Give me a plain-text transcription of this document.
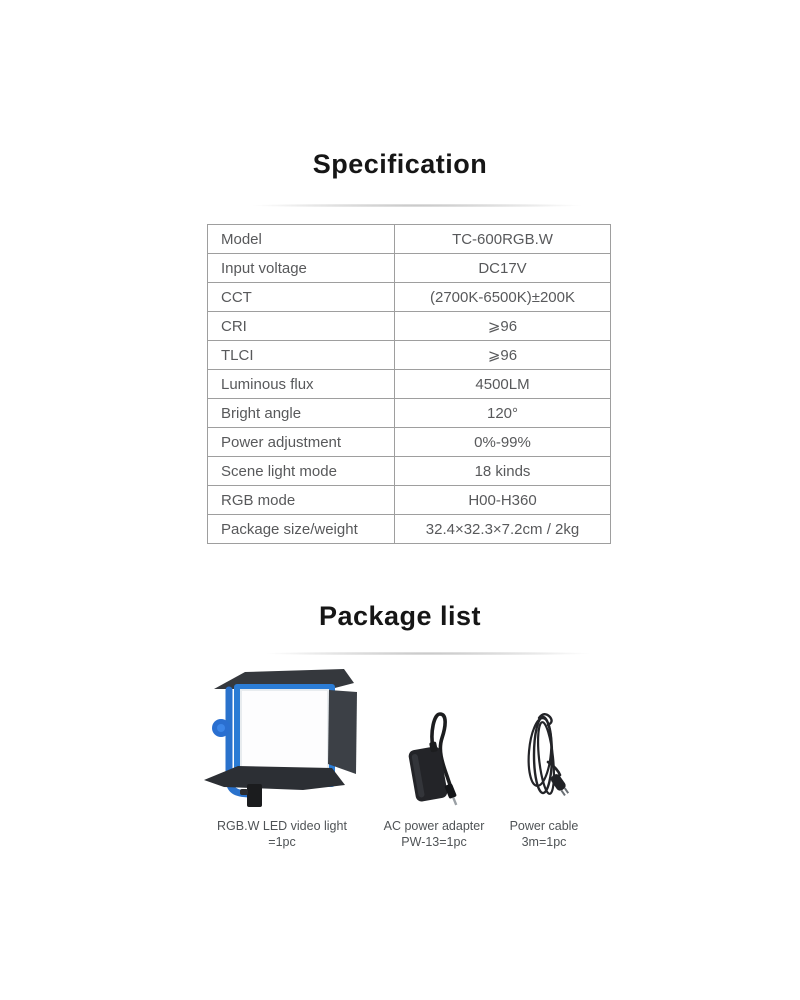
Specification
Model	TC-600RGB.W
Input voltage	DC17V
CCT	(2700K-6500K)±200K
CRI	⩾96
TLCI	⩾96
Luminous flux	4500LM
Bright angle	120°
Power adjustment	0%-99%
Scene light mode	18 kinds
RGB mode	H00-H360
Package size/weight	32.4×32.3×7.2cm / 2kg
Package list
RGB.W LED video light
=1pc
AC power adapter
PW-13=1pc
Power cable
3m=1pc
